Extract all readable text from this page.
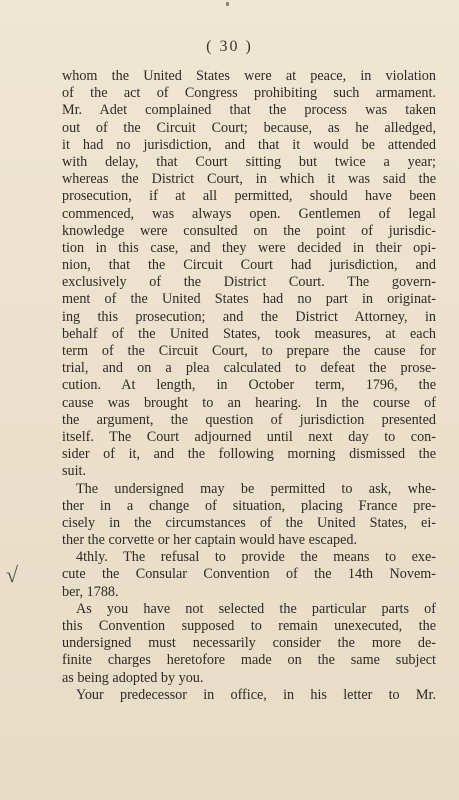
( 30 )
√
whom the United States were at peace, in violation
of the act of Congress prohibiting such armament.
Mr. Adet complained that the process was taken
out of the Circuit Court; because, as he alledged,
it had no jurisdiction, and that it would be attended
with delay, that Court sitting but twice a year;
whereas the District Court, in which it was said the
prosecution, if at all permitted, should have been
commenced, was always open. Gentlemen of legal
knowledge were consulted on the point of jurisdic-
tion in this case, and they were decided in their opi-
nion, that the Circuit Court had jurisdiction, and
exclusively of the District Court. The govern-
ment of the United States had no part in originat-
ing this prosecution; and the District Attorney, in
behalf of the United States, took measures, at each
term of the Circuit Court, to prepare the cause for
trial, and on a plea calculated to defeat the prose-
cution. At length, in October term, 1796, the
cause was brought to an hearing. In the course of
the argument, the question of jurisdiction presented
itself. The Court adjourned until next day to con-
sider of it, and the following morning dismissed the
suit.
The undersigned may be permitted to ask, whe-
ther in a change of situation, placing France pre-
cisely in the circumstances of the United States, ei-
ther the corvette or her captain would have escaped.
4thly. The refusal to provide the means to exe-
cute the Consular Convention of the 14th Novem-
ber, 1788.
As you have not selected the particular parts of
this Convention supposed to remain unexecuted, the
undersigned must necessarily consider the more de-
finite charges heretofore made on the same subject
as being adopted by you.
Your predecessor in office, in his letter to Mr.
